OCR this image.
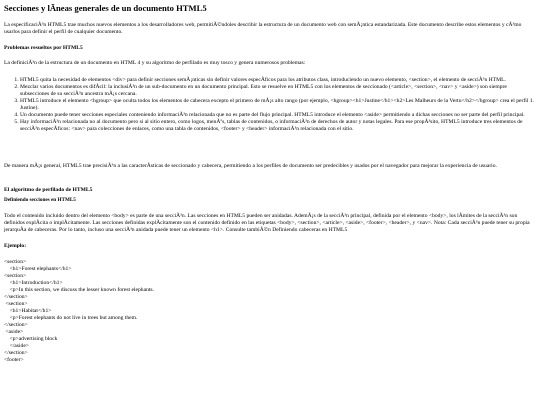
Secciones y lÃneas generales de un documento HTML5

La especificaciÃ³n HTML5 trae muchos nuevos elementos a los desarrolladores web, permitiÃ©ndoles describir la estructura de un documento web con semÃ¡ntica estandarizada. Este documento describe estos elementos y cÃ³mo usarlos para definir el perfil de cualquier documento.

Problemas resueltos por HTML5

La definiciÃ³n de la estructura de un documento en HTML 4 y su algoritmo de perfilado es muy tosco y genera numerosos problemas:

1. HTML5 quita la necesidad de elementos <div> para definir secciones semÃ¡nticas sin definir valores especÃficos para los atributos class, introduciendo un nuevo elemento, <section>, el elemento de secciÃ³n HTML.
2. Mezclar varios documentos es difÃcil: la inclusiÃ³n de un sub-documento en un documento principal. Esto se resuelve en HTML5 con los elementos de seccionado (<article>, <section>, <nav> y <aside>) son siempre subsecciones de su secciÃ³n ancestra mÃ¡s cercana.
3. HTML5 introduce el elemento <hgroup> que oculta todos los elementos de cabecera excepto el primero de mÃ¡s alto rango (por ejemplo, <hgroup><h1>Justine</h1><h2>Les Malheurs de la Vertu</h2></hgroup> crea el perfil 1. Justine).
4. Un documento puede tener secciones especiales conteniendo informaciÃ³n relacionada que no es parte del flujo principal. HTML5 introduce el elemento <aside> permitiendo a dichas secciones no ser parte del perfil principal.
5. Hay informaciÃ³n relacionada no al documento pero si al sitio entero, como logos, menÃºs, tablas de contenidos, o informaciÃ³n de derechos de autor y notas legales. Para ese propÃ³sito, HTML5 introduce tres elementos de secciÃ³n especÃficos: <nav> para colecciones de enlaces, como una tabla de contenidos, <footer> y <header> informaciÃ³n relacionada con el sitio.

De manera mÃ¡s general, HTML5 trae precisiÃ³n a las caracterÃsticas de seccionado y cabecera, permitiendo a los perfiles de documento ser predecibles y usados por el navegador para mejorar la experiencia de usuario.

El algoritmo de perfilado de HTML5

Definiendo secciones en HTML5

Todo el contenido incluido dentro del elemento <body> es parte de una secciÃ³n. Las secciones en HTML5 pueden ser anidadas. AdemÃ¡s de la secciÃ³n principal, definida por el elemento <body>, los lÃmites de la secciÃ³n son definidos explÃcita o implÃcitamente. Las secciones definidas explÃcitamente son el contenido definido en las etiquetas <body>, <section>, <article>, <aside>, <footer>, <header>, y <nav>. Nota: Cada secciÃ³n puede tener su propia jerarquÃa de cabeceras. Por lo tanto, incluso una secciÃ³n anidada puede tener un elemento <h1>. Consulte tambiÃ©n Definiendo cabeceras en HTML5

Ejemplo:

<section>
<h1>Forest elephants</h1>
<section>
<h1>Introduction</h1>
<p>In this section, we discuss the lesser known forest elephants.
</section>
<section>
<h1>Habitat</h1>
<p>Forest elephants do not live in trees but among them.
</section>
<aside>
<p>advertising block
</aside>
</section>
<footer>
